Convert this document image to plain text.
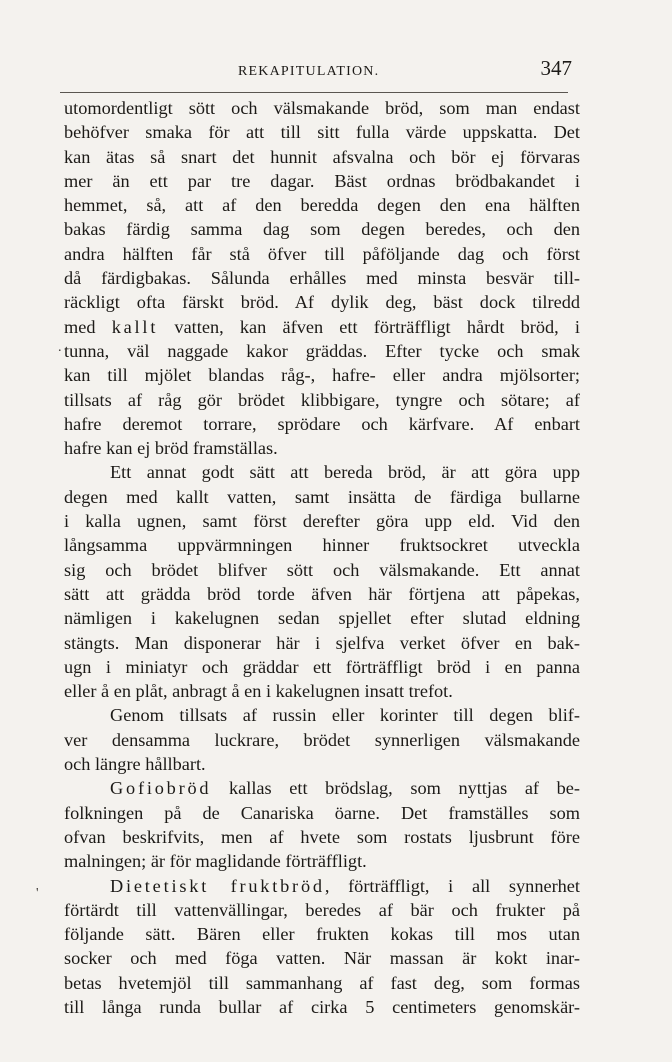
REKAPITULATION.	347
utomordentligt sött och välsmakande bröd, som man endast
behöfver smaka för att till sitt fulla värde uppskatta. Det
kan ätas så snart det hunnit afsvalna och bör ej förvaras
mer än ett par tre dagar. Bäst ordnas brödbakandet i
hemmet, så, att af den beredda degen den ena hälften
bakas färdig samma dag som degen beredes, och den
andra hälften får stå öfver till påföljande dag och först
då färdigbakas. Sålunda erhålles med minsta besvär till-
räckligt ofta färskt bröd. Af dylik deg, bäst dock tilredd
med kallt vatten, kan äfven ett förträffligt hårdt bröd, i
tunna, väl naggade kakor gräddas. Efter tycke och smak
kan till mjölet blandas råg-, hafre- eller andra mjölsorter;
tillsats af råg gör brödet klibbigare, tyngre och sötare; af
hafre deremot torrare, sprödare och kärfvare. Af enbart
hafre kan ej bröd framställas.
Ett annat godt sätt att bereda bröd, är att göra upp
degen med kallt vatten, samt insätta de färdiga bullarne
i kalla ugnen, samt först derefter göra upp eld. Vid den
långsamma uppvärmningen hinner fruktsockret utveckla
sig och brödet blifver sött och välsmakande. Ett annat
sätt att grädda bröd torde äfven här förtjena att påpekas,
nämligen i kakelugnen sedan spjellet efter slutad eldning
stängts. Man disponerar här i sjelfva verket öfver en bak-
ugn i miniatyr och gräddar ett förträffligt bröd i en panna
eller å en plåt, anbragt å en i kakelugnen insatt trefot.
Genom tillsats af russin eller korinter till degen blif-
ver densamma luckrare, brödet synnerligen välsmakande
och längre hållbart.
Gofiobröd kallas ett brödslag, som nyttjas af be-
folkningen på de Canariska öarne. Det framställes som
ofvan beskrifvits, men af hvete som rostats ljusbrunt före
malningen; är för maglidande förträffligt.
Dietetiskt fruktbröd, förträffligt, i all synnerhet
förtärdt till vattenvällingar, beredes af bär och frukter på
följande sätt. Bären eller frukten kokas till mos utan
socker och med föga vatten. När massan är kokt inar-
betas hvetemjöl till sammanhang af fast deg, som formas
till långa runda bullar af cirka 5 centimeters genomskär-
.
'
